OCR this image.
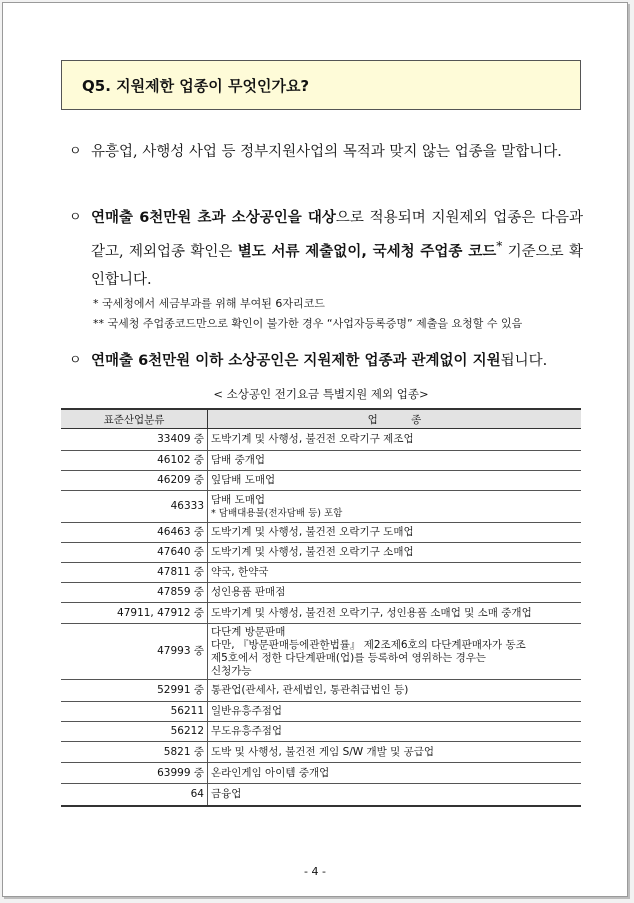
Q5. 지원제한 업종이 무엇인가요?
ㅇ 유흥업, 사행성 사업 등 정부지원사업의 목적과 맞지 않는 업종을 말합니다.
ㅇ 연매출 6천만원 초과 소상공인을 대상으로 적용되며 지원제외 업종은 다음과 같고, 제외업종 확인은 별도 서류 제출없이, 국세청 주업종 코드* 기준으로 확인합니다.
* 국세청에서 세금부과를 위해 부여된 6자리코드
** 국세청 주업종코드만으로 확인이 불가한 경우 “사업자등록증명” 제출을 요청할 수 있음
ㅇ 연매출 6천만원 이하 소상공인은 지원제한 업종과 관계없이 지원됩니다.
< 소상공인 전기요금 특별지원 제외 업종>
표준산업분류	업          종
33409 중	도박기계 및 사행성, 불건전 오락기구 제조업

46102 중	담배 중개업

46209 중	잎담배 도매업

46333	담배 도매업
* 담배대용물(전자담배 등) 포함

46463 중	도박기계 및 사행성, 불건전 오락기구 도매업

47640 중	도박기계 및 사행성, 불건전 오락기구 소매업

47811 중	약국, 한약국

47859 중	성인용품 판매점

47911, 47912 중	도박기계 및 사행성, 불건전 오락기구, 성인용품 소매업 및 소매 중개업

47993 중	다단계 방문판매
다만, 『방문판매등에관한법률』 제2조제6호의 다단계판매자가 동조
제5호에서 정한 다단계판매(업)를 등록하여 영위하는 경우는
신청가능

52991 중	통관업(관세사, 관세법인, 통관취급법인 등)

56211	일반유흥주점업

56212	무도유흥주점업

5821 중	도박 및 사행성, 불건전 게임 S/W 개발 및 공급업

63999 중	온라인게임 아이템 중개업

64	금융업
- 4 -
